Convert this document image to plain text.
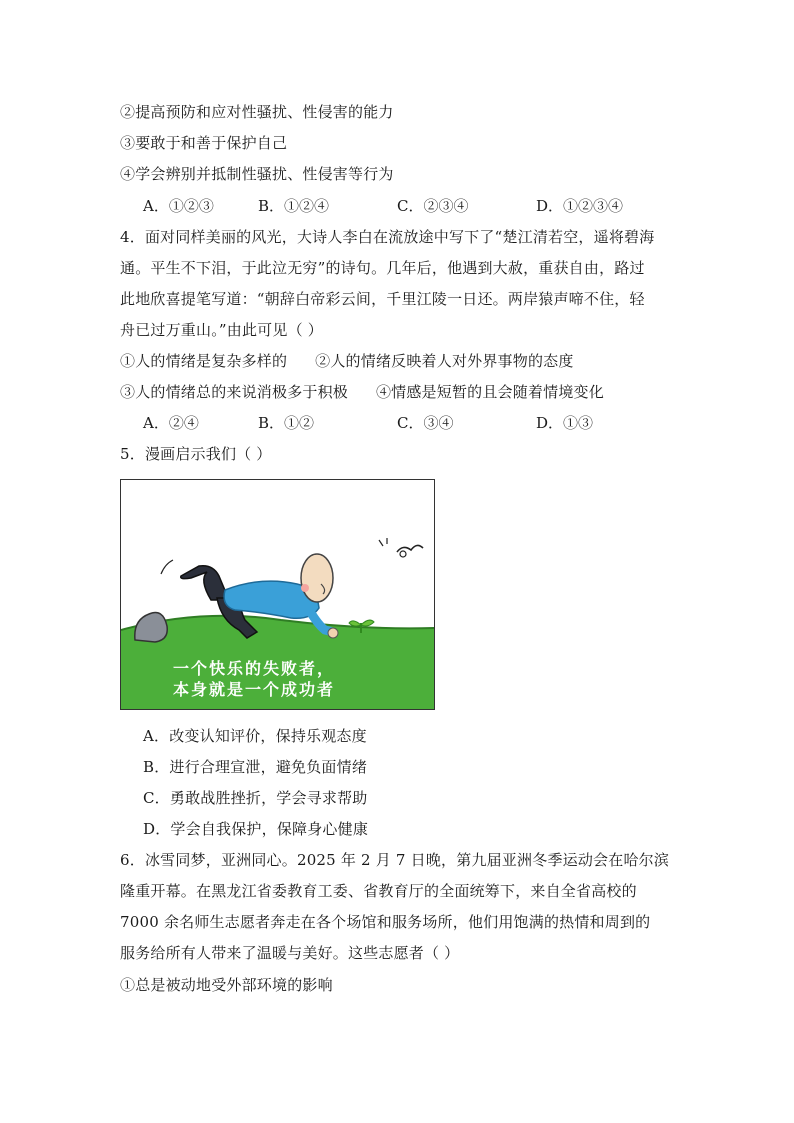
②提高预防和应对性骚扰、性侵害的能力
③要敢于和善于保护自己
④学会辨别并抵制性骚扰、性侵害等行为
A．①②③	B．①②④	C．②③④	D．①②③④
4．面对同样美丽的风光，大诗人李白在流放途中写下了“楚江清若空，遥将碧海
通。平生不下泪，于此泣无穷”的诗句。几年后，他遇到大赦，重获自由，路过
此地欣喜提笔写道：“朝辞白帝彩云间，千里江陵一日还。两岸猿声啼不住，轻
舟已过万重山。”由此可见（ ）
①人的情绪是复杂多样的 ②人的情绪反映着人对外界事物的态度
③人的情绪总的来说消极多于积极 ④情感是短暂的且会随着情境变化
A．②④	B．①②	C．③④	D．①③
5．漫画启示我们（ ）
一个快乐的失败者，
本身就是一个成功者
A．改变认知评价，保持乐观态度
B．进行合理宣泄，避免负面情绪
C．勇敢战胜挫折，学会寻求帮助
D．学会自我保护，保障身心健康
6．冰雪同梦，亚洲同心。2025 年 2 月 7 日晚，第九届亚洲冬季运动会在哈尔滨
隆重开幕。在黑龙江省委教育工委、省教育厅的全面统筹下，来自全省高校的
7000 余名师生志愿者奔走在各个场馆和服务场所，他们用饱满的热情和周到的
服务给所有人带来了温暖与美好。这些志愿者（ ）
①总是被动地受外部环境的影响
